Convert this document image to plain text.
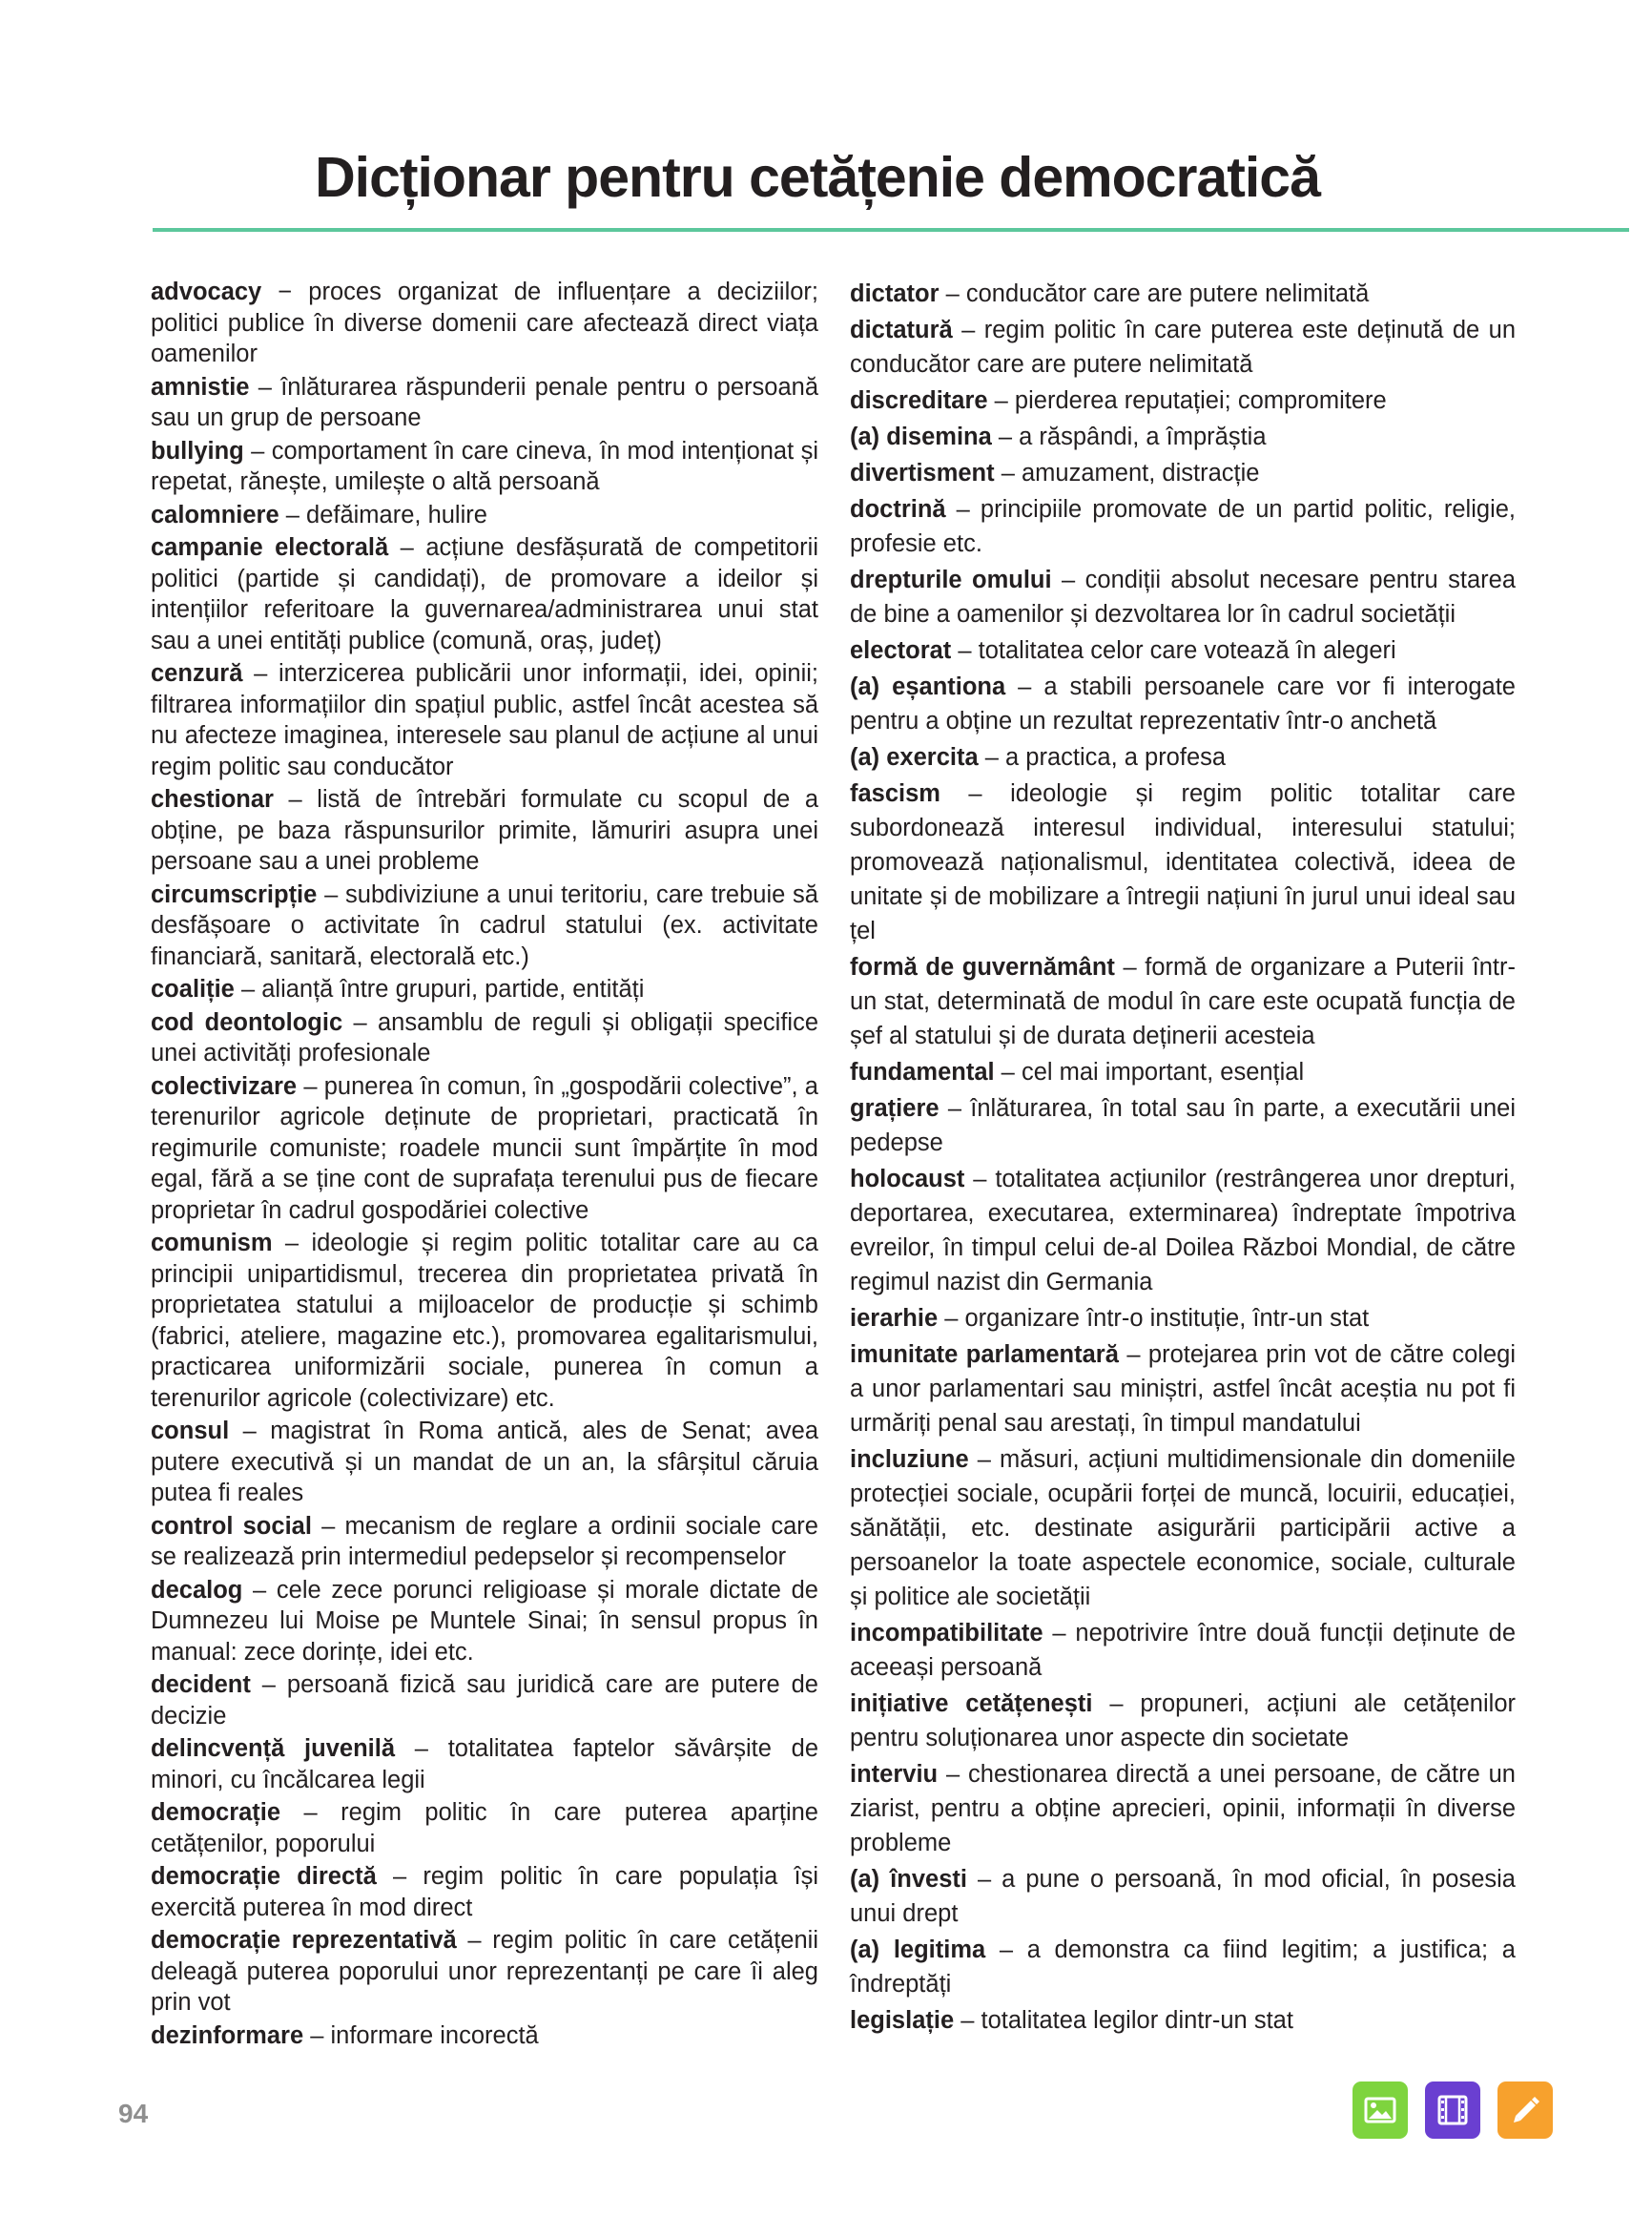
Dicționar pentru cetățenie democratică

advocacy − proces organizat de influențare a deciziilor; politici publice în diverse domenii care afectează direct viața oamenilor

amnistie – înlăturarea răspunderii penale pentru o persoană sau un grup de persoane

bullying – comportament în care cineva, în mod intenționat și repetat, rănește, umilește o altă persoană

calomniere – defăimare, hulire

campanie electorală – acțiune desfășurată de competitorii politici (partide și candidați), de promovare a ideilor și intențiilor referitoare la guvernarea/administrarea unui stat sau a unei entități publice (comună, oraș, județ)

cenzură – interzicerea publicării unor informații, idei, opinii; filtrarea informațiilor din spațiul public, astfel încât acestea să nu afecteze imaginea, interesele sau planul de acțiune al unui regim politic sau conducător

chestionar – listă de întrebări formulate cu scopul de a obține, pe baza răspunsurilor primite, lămuriri asupra unei persoane sau a unei probleme

circumscripție – subdiviziune a unui teritoriu, care trebuie să desfășoare o activitate în cadrul statului (ex. activitate financiară, sanitară, electorală etc.)

coaliție – alianță între grupuri, partide, entități

cod deontologic – ansamblu de reguli și obligații specifice unei activități profesionale

colectivizare – punerea în comun, în „gospodării colective”, a terenurilor agricole deținute de proprietari, practicată în regimurile comuniste; roadele muncii sunt împărțite în mod egal, fără a se ține cont de suprafața terenului pus de fiecare proprietar în cadrul gospodăriei colective

comunism – ideologie și regim politic totalitar care au ca principii unipartidismul, trecerea din proprietatea privată în proprietatea statului a mijloacelor de producție și schimb (fabrici, ateliere, magazine etc.), promovarea egalitarismului, practicarea uniformizării sociale, punerea în comun a terenurilor agricole (colectivizare) etc.

consul – magistrat în Roma antică, ales de Senat; avea putere executivă și un mandat de un an, la sfârșitul căruia putea fi reales

control social – mecanism de reglare a ordinii sociale care se realizează prin intermediul pedepselor și recompenselor

decalog – cele zece porunci religioase și morale dictate de Dumnezeu lui Moise pe Muntele Sinai; în sensul propus în manual: zece dorințe, idei etc.

decident – persoană fizică sau juridică care are putere de decizie

delincvență juvenilă – totalitatea faptelor săvârșite de minori, cu încălcarea legii

democrație – regim politic în care puterea aparține cetățenilor, poporului

democrație directă – regim politic în care populația își exercită puterea în mod direct

democrație reprezentativă – regim politic în care cetățenii deleagă puterea poporului unor reprezentanți pe care îi aleg prin vot

dezinformare – informare incorectă

dictator – conducător care are putere nelimitată

dictatură – regim politic în care puterea este deținută de un conducător care are putere nelimitată

discreditare – pierderea reputației; compromitere

(a) disemina – a răspândi, a împrăștia

divertisment – amuzament, distracție

doctrină – principiile promovate de un partid politic, religie, profesie etc.

drepturile omului – condiții absolut necesare pentru starea de bine a oamenilor și dezvoltarea lor în cadrul societății

electorat – totalitatea celor care votează în alegeri

(a) eșantiona – a stabili persoanele care vor fi interogate pentru a obține un rezultat reprezentativ într-o anchetă

(a) exercita – a practica, a profesa

fascism – ideologie și regim politic totalitar care subordonează interesul individual, interesului statului; promovează naționalismul, identitatea colectivă, ideea de unitate și de mobilizare a întregii națiuni în jurul unui ideal sau țel

formă de guvernământ – formă de organizare a Puterii într-un stat, determinată de modul în care este ocupată funcția de șef al statului și de durata deținerii acesteia

fundamental – cel mai important, esențial

grațiere – înlăturarea, în total sau în parte, a executării unei pedepse

holocaust – totalitatea acțiunilor (restrângerea unor drepturi, deportarea, executarea, exterminarea) îndreptate împotriva evreilor, în timpul celui de-al Doilea Război Mondial, de către regimul nazist din Germania

ierarhie – organizare într-o instituție, într-un stat

imunitate parlamentară – protejarea prin vot de către colegi a unor parlamentari sau miniștri, astfel încât aceștia nu pot fi urmăriți penal sau arestați, în timpul mandatului

incluziune – măsuri, acțiuni multidimensionale din domeniile protecției sociale, ocupării forței de muncă, locuirii, educației, sănătății, etc. destinate asigurării participării active a persoanelor la toate aspectele economice, sociale, culturale și politice ale societății

incompatibilitate – nepotrivire între două funcții deținute de aceeași persoană

inițiative cetățenești – propuneri, acțiuni ale cetățenilor pentru soluționarea unor aspecte din societate

interviu – chestionarea directă a unei persoane, de către un ziarist, pentru a obține aprecieri, opinii, informații în diverse probleme

(a) învesti – a pune o persoană, în mod oficial, în posesia unui drept

(a) legitima – a demonstra ca fiind legitim; a justifica; a îndreptăți

legislație – totalitatea legilor dintr-un stat

94
